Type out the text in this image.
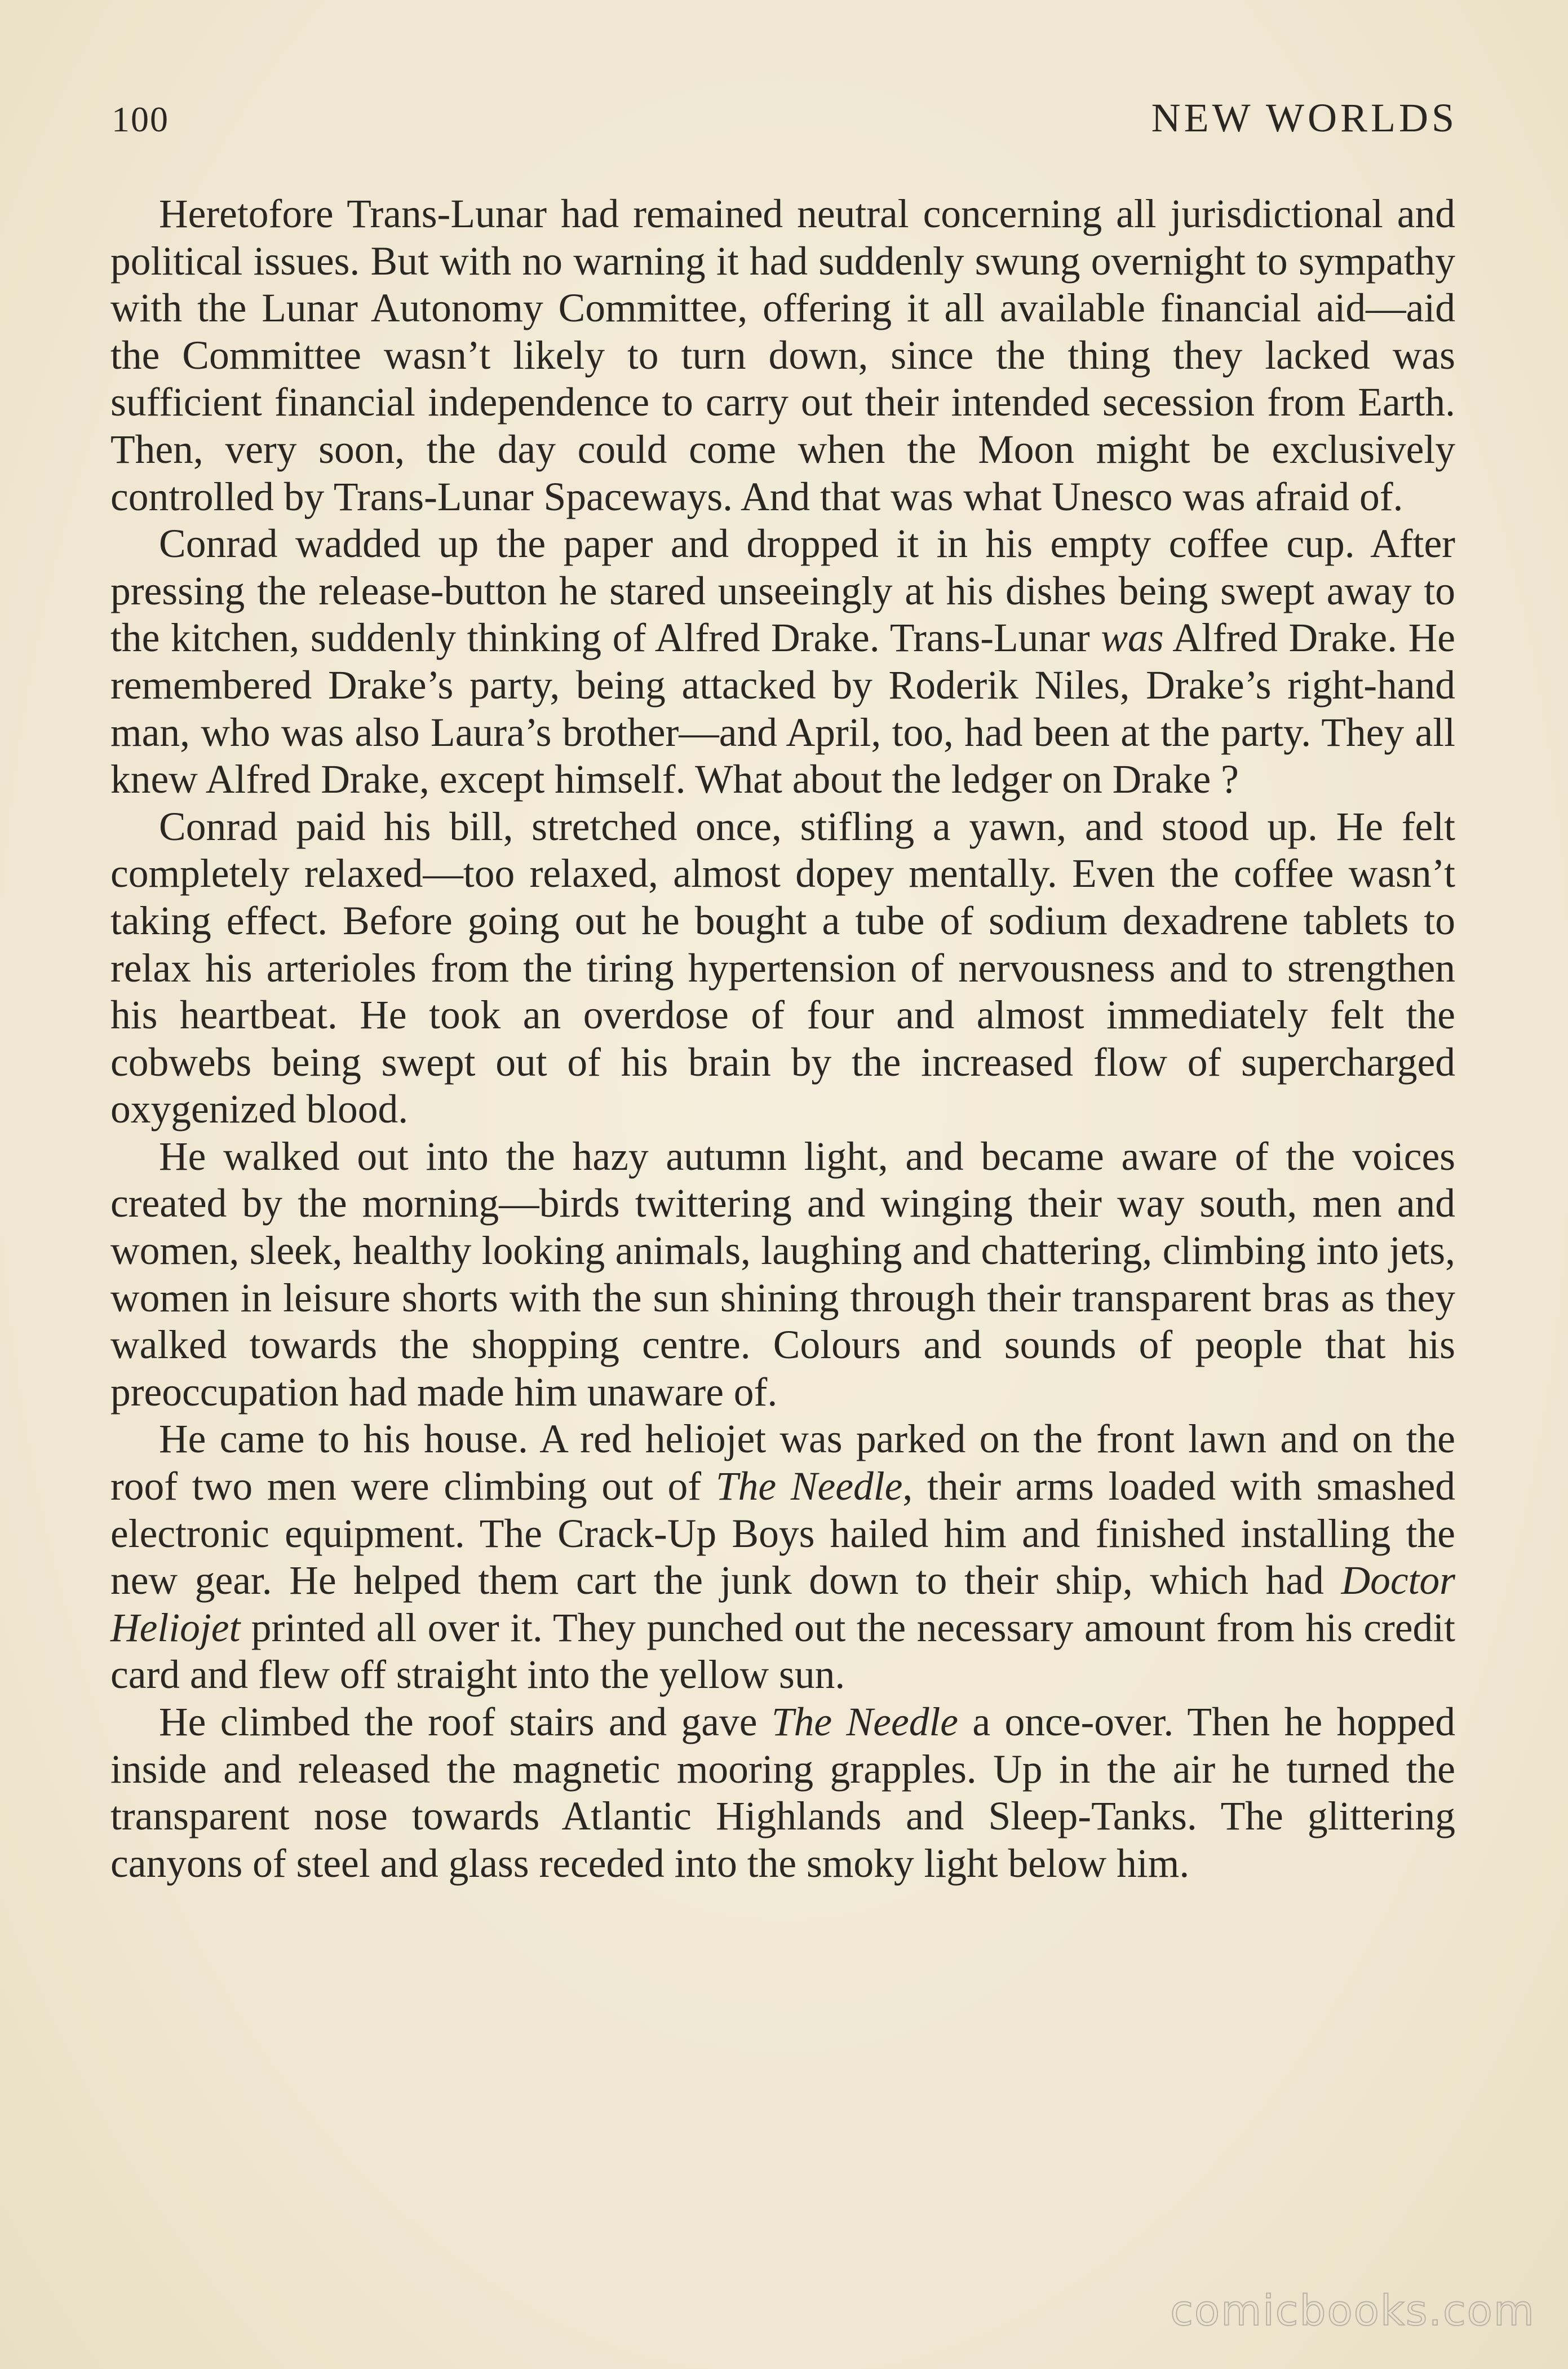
100	NEW WORLDS

Heretofore Trans-Lunar had remained neutral concerning all jurisdictional and political issues. But with no warning it had suddenly swung overnight to sympathy with the Lunar Autonomy Committee, offering it all available financial aid—aid the Committee wasn’t likely to turn down, since the thing they lacked was sufficient financial independence to carry out their intended secession from Earth. Then, very soon, the day could come when the Moon might be exclusively controlled by Trans-Lunar Spaceways. And that was what Unesco was afraid of.

Conrad wadded up the paper and dropped it in his empty coffee cup. After pressing the release-button he stared unseeingly at his dishes being swept away to the kitchen, suddenly thinking of Alfred Drake. Trans-Lunar was Alfred Drake. He remembered Drake’s party, being attacked by Roderik Niles, Drake’s right-hand man, who was also Laura’s brother—and April, too, had been at the party. They all knew Alfred Drake, except himself. What about the ledger on Drake ?

Conrad paid his bill, stretched once, stifling a yawn, and stood up. He felt completely relaxed—too relaxed, almost dopey mentally. Even the coffee wasn’t taking effect. Before going out he bought a tube of sodium dexadrene tablets to relax his arterioles from the tiring hypertension of nervousness and to strengthen his heartbeat. He took an overdose of four and almost immediately felt the cobwebs being swept out of his brain by the increased flow of supercharged oxygenized blood.

He walked out into the hazy autumn light, and became aware of the voices created by the morning—birds twittering and winging their way south, men and women, sleek, healthy looking animals, laughing and chattering, climbing into jets, women in leisure shorts with the sun shining through their transparent bras as they walked towards the shopping centre. Colours and sounds of people that his preoccupation had made him unaware of.

He came to his house. A red heliojet was parked on the front lawn and on the roof two men were climbing out of The Needle, their arms loaded with smashed electronic equipment. The Crack-Up Boys hailed him and finished installing the new gear. He helped them cart the junk down to their ship, which had Doctor Heliojet printed all over it. They punched out the necessary amount from his credit card and flew off straight into the yellow sun.

He climbed the roof stairs and gave The Needle a once-over. Then he hopped inside and released the magnetic mooring grapples. Up in the air he turned the transparent nose towards Atlantic Highlands and Sleep-Tanks. The glittering canyons of steel and glass receded into the smoky light below him.

comicbooks.com
